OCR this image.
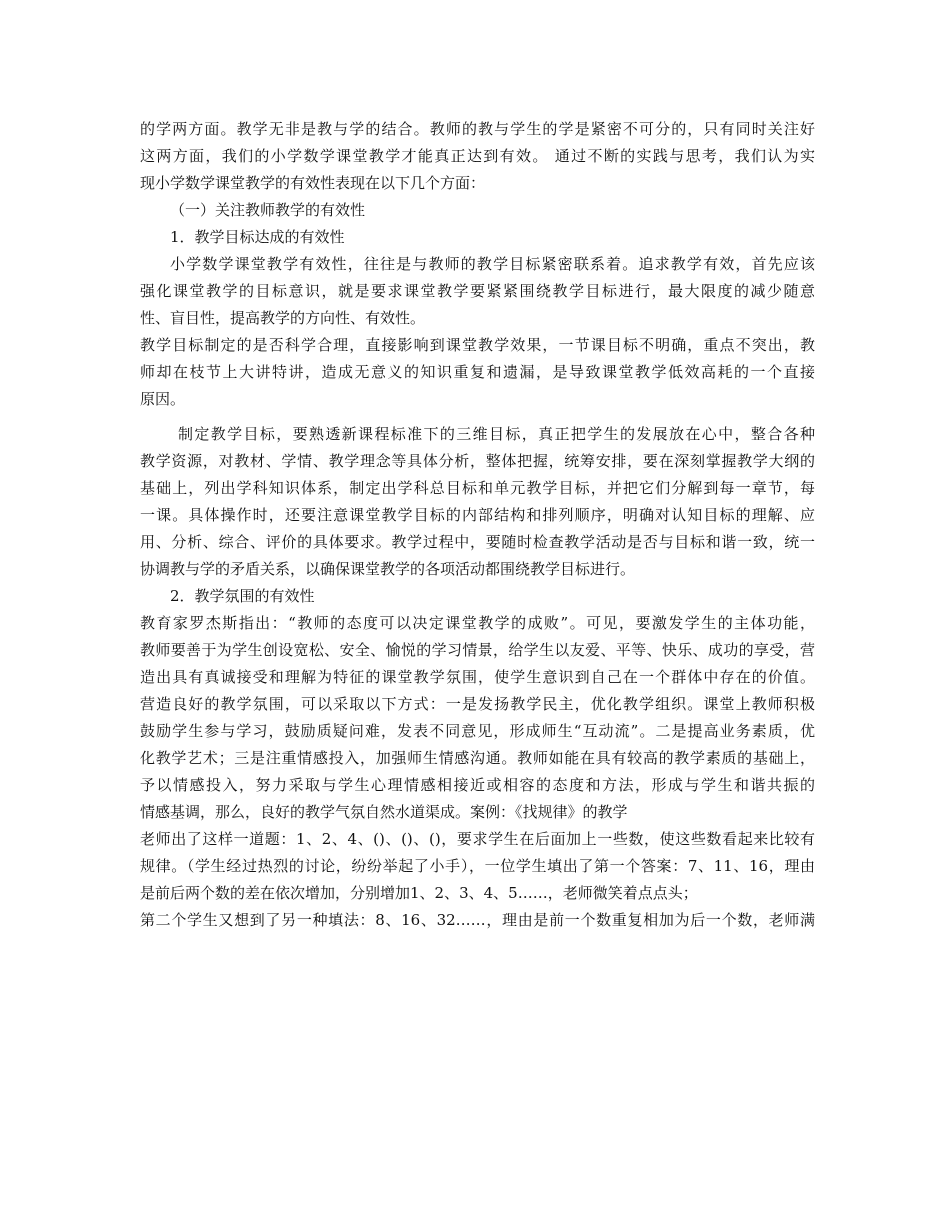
的学两方面。教学无非是教与学的结合。教师的教与学生的学是紧密不可分的，只有同时关注好
这两方面，我们的小学数学课堂教学才能真正达到有效。 通过不断的实践与思考，我们认为实
现小学数学课堂教学的有效性表现在以下几个方面：
（一）关注教师教学的有效性
1．教学目标达成的有效性
小学数学课堂教学有效性，往往是与教师的教学目标紧密联系着。追求教学有效，首先应该
强化课堂教学的目标意识，就是要求课堂教学要紧紧围绕教学目标进行，最大限度的减少随意
性、盲目性，提高教学的方向性、有效性。
教学目标制定的是否科学合理，直接影响到课堂教学效果，一节课目标不明确，重点不突出，教
师却在枝节上大讲特讲，造成无意义的知识重复和遗漏，是导致课堂教学低效高耗的一个直接
原因。
制定教学目标，要熟透新课程标准下的三维目标，真正把学生的发展放在心中，整合各种
教学资源，对教材、学情、教学理念等具体分析，整体把握，统筹安排，要在深刻掌握教学大纲的
基础上，列出学科知识体系，制定出学科总目标和单元教学目标，并把它们分解到每一章节，每
一课。具体操作时，还要注意课堂教学目标的内部结构和排列顺序，明确对认知目标的理解、应
用、分析、综合、评价的具体要求。教学过程中，要随时检查教学活动是否与目标和谐一致，统一
协调教与学的矛盾关系，以确保课堂教学的各项活动都围绕教学目标进行。
2．教学氛围的有效性
教育家罗杰斯指出：“教师的态度可以决定课堂教学的成败”。可见，要激发学生的主体功能，
教师要善于为学生创设宽松、安全、愉悦的学习情景，给学生以友爱、平等、快乐、成功的享受，营
造出具有真诚接受和理解为特征的课堂教学氛围，使学生意识到自己在一个群体中存在的价值。
营造良好的教学氛围，可以采取以下方式：一是发扬教学民主，优化教学组织。课堂上教师积极
鼓励学生参与学习，鼓励质疑问难，发表不同意见，形成师生“互动流”。二是提高业务素质，优
化教学艺术；三是注重情感投入，加强师生情感沟通。教师如能在具有较高的教学素质的基础上，
予以情感投入，努力采取与学生心理情感相接近或相容的态度和方法，形成与学生和谐共振的
情感基调，那么，良好的教学气氛自然水道渠成。案例：《找规律》的教学
老师出了这样一道题：1、2、4、()、()、()，要求学生在后面加上一些数，使这些数看起来比较有
规律。（学生经过热烈的讨论，纷纷举起了小手），一位学生填出了第一个答案：7、11、16，理由
是前后两个数的差在依次增加，分别增加1、2、3、4、5……，老师微笑着点点头；
第二个学生又想到了另一种填法：8、16、32……，理由是前一个数重复相加为后一个数，老师满
